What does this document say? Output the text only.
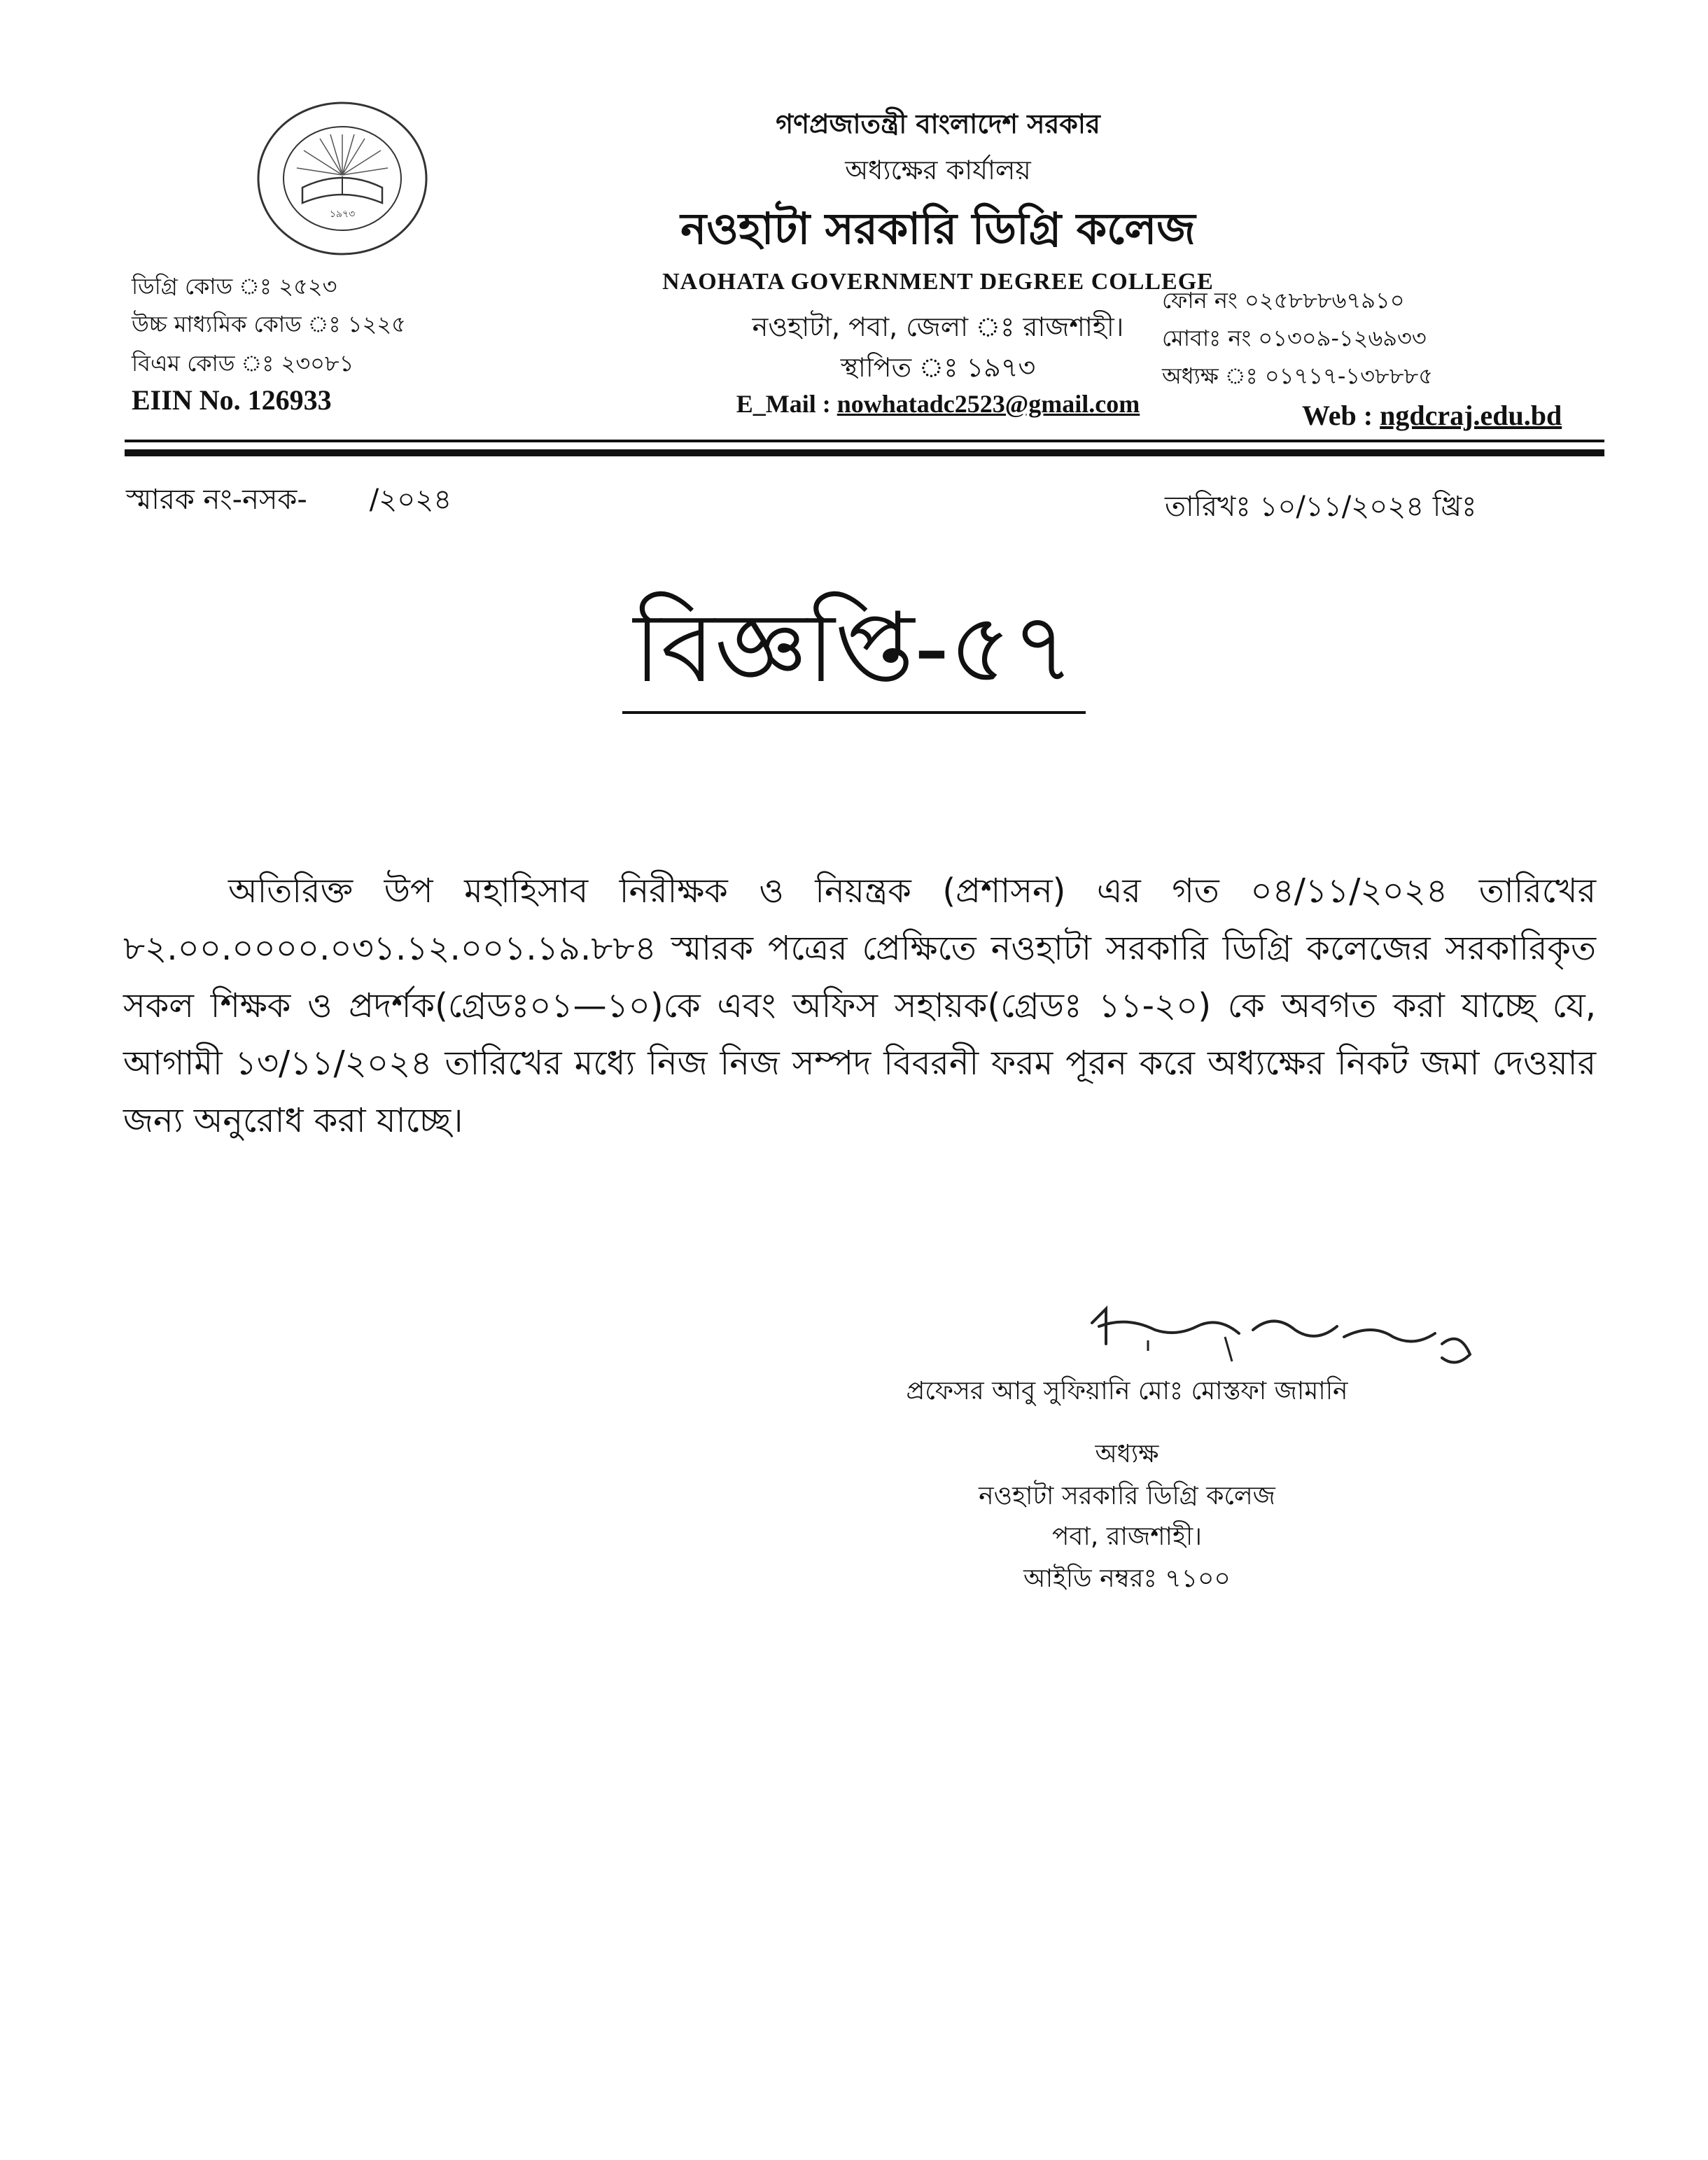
১৯৭৩
গণপ্রজাতন্ত্রী বাংলাদেশ সরকার
অধ্যক্ষের কার্যালয়
নওহাটা সরকারি ডিগ্রি কলেজ
NAOHATA GOVERNMENT DEGREE COLLEGE
নওহাটা, পবা, জেলা ঃ রাজশাহী।
স্থাপিত ঃ ১৯৭৩
E_Mail : nowhatadc2523@gmail.com
ডিগ্রি কোড ঃ ২৫২৩
উচ্চ মাধ্যমিক কোড ঃ ১২২৫
বিএম কোড ঃ ২৩০৮১
EIIN No. 126933
ফোন নং ০২৫৮৮৮৬৭৯১০
মোবাঃ নং ০১৩০৯-১২৬৯৩৩
অধ্যক্ষ ঃ ০১৭১৭-১৩৮৮৮৫
Web : ngdcraj.edu.bd
স্মারক নং-নসক-       /২০২৪	তারিখঃ ১০/১১/২০২৪ খ্রিঃ
বিজ্ঞপ্তি-৫৭
অতিরিক্ত উপ মহাহিসাব নিরীক্ষক ও নিয়ন্ত্রক (প্রশাসন) এর গত ০৪/১১/২০২৪ তারিখের ৮২.০০.০০০০.০৩১.১২.০০১.১৯.৮৮৪ স্মারক পত্রের প্রেক্ষিতে নওহাটা সরকারি ডিগ্রি কলেজের সরকারিকৃত সকল শিক্ষক ও প্রদর্শক(গ্রেডঃ০১—১০)কে এবং অফিস সহায়ক(গ্রেডঃ ১১-২০) কে অবগত করা যাচ্ছে যে, আগামী ১৩/১১/২০২৪ তারিখের মধ্যে নিজ নিজ সম্পদ বিবরনী ফরম পূরন করে অধ্যক্ষের নিকট জমা দেওয়ার জন্য অনুরোধ করা যাচ্ছে।
প্রফেসর আবু সুফিয়ানি মোঃ মোস্তফা জামানি
অধ্যক্ষ
নওহাটা সরকারি ডিগ্রি কলেজ
পবা, রাজশাহী।
আইডি নম্বরঃ ৭১০০
